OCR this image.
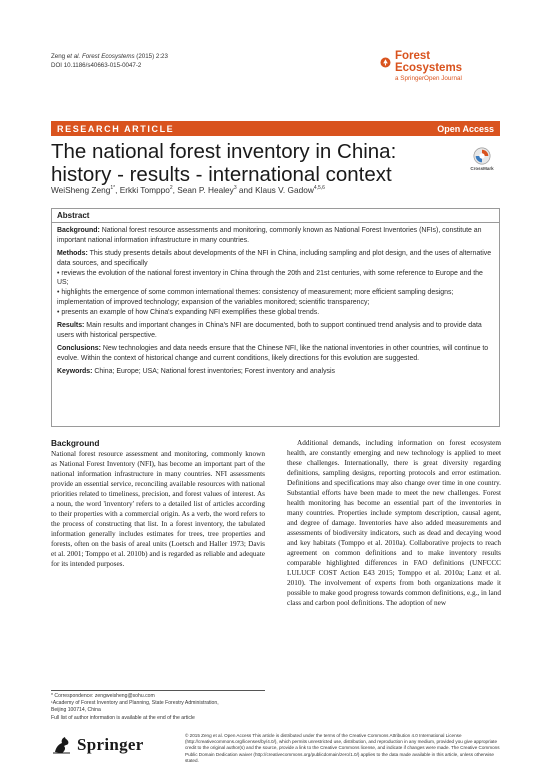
Zeng et al. Forest Ecosystems (2015) 2:23
DOI 10.1186/s40663-015-0047-2
Forest Ecosystems
a SpringerOpen Journal
RESEARCH ARTICLE	Open Access
The national forest inventory in China:
history - results - international context	CrossMark
WeiSheng Zeng$^{1*}$, Erkki Tomppo$^2$, Sean P. Healey$^3$ and Klaus V. Gadow$^{4,5,6}$
Abstract

Background: National forest resource assessments and monitoring, commonly known as National Forest Inventories (NFIs), constitute an important national information infrastructure in many countries.

Methods: This study presents details about developments of the NFI in China, including sampling and plot design, and the uses of alternative data sources, and specifically

• reviews the evolution of the national forest inventory in China through the 20th and 21st centuries, with some reference to Europe and the US;

• highlights the emergence of some common international themes: consistency of measurement; more efficient sampling designs; implementation of improved technology; expansion of the variables monitored; scientific transparency;

• presents an example of how China's expanding NFI exemplifies these global trends.

Results: Main results and important changes in China's NFI are documented, both to support continued trend analysis and to provide data users with historical perspective.

Conclusions: New technologies and data needs ensure that the Chinese NFI, like the national inventories in other countries, will continue to evolve. Within the context of historical change and current conditions, likely directions for this evolution are suggested.

Keywords: China; Europe; USA; National forest inventories; Forest inventory and analysis

Background

National forest resource assessment and monitoring, commonly known as National Forest Inventory (NFI), has become an important part of the national information infrastructure in many countries. NFI assessments provide an essential service, reconciling available resources with national priorities related to timeliness, precision, and forest values of interest. As a noun, the word 'inventory' refers to a detailed list of articles according to their properties with a commercial origin. As a verb, the word refers to the process of constructing that list. In a forest inventory, the tabulated information generally includes estimates for trees, tree properties and forests, often on the basis of areal units (Loetsch and Haller 1973; Davis et al. 2001; Tomppo et al. 2010b) and is regarded as reliable and adequate for its intended purposes.

Additional demands, including information on forest ecosystem health, are constantly emerging and new technology is applied to meet these challenges. Internationally, there is great diversity regarding definitions, sampling designs, reporting protocols and error estimation. Definitions and specifications may also change over time in one country. Substantial efforts have been made to meet the new challenges. Forest health monitoring has become an essential part of the inventories in many countries. Properties include symptom description, causal agent, and degree of damage. Inventories have also added measurements and assessments of biodiversity indicators, such as dead and decaying wood and key habitats (Tomppo et al. 2010a). Collaborative projects to reach agreement on common definitions and to make inventory results comparable highlighted differences in FAO definitions (UNFCCC LULUCF COST Action E43 2015; Tomppo et al. 2010a; Lanz et al. 2010). The involvement of experts from both organizations made it possible to make good progress towards common definitions, e.g., in land class and carbon pool definitions. The adoption of new

* Correspondence: zengweisheng@sohu.com
¹Academy of Forest Inventory and Planning, State Forestry Administration,
Beijing 100714, China
Full list of author information is available at the end of the article
Springer	© 2015 Zeng et al. Open Access This article is distributed under the terms of the Creative Commons Attribution 4.0 International License (http://creativecommons.org/licenses/by/4.0/), which permits unrestricted use, distribution, and reproduction in any medium, provided you give appropriate credit to the original author(s) and the source, provide a link to the Creative Commons license, and indicate if changes were made. The Creative Commons Public Domain Dedication waiver (http://creativecommons.org/publicdomain/zero/1.0/) applies to the data made available in this article, unless otherwise stated.
